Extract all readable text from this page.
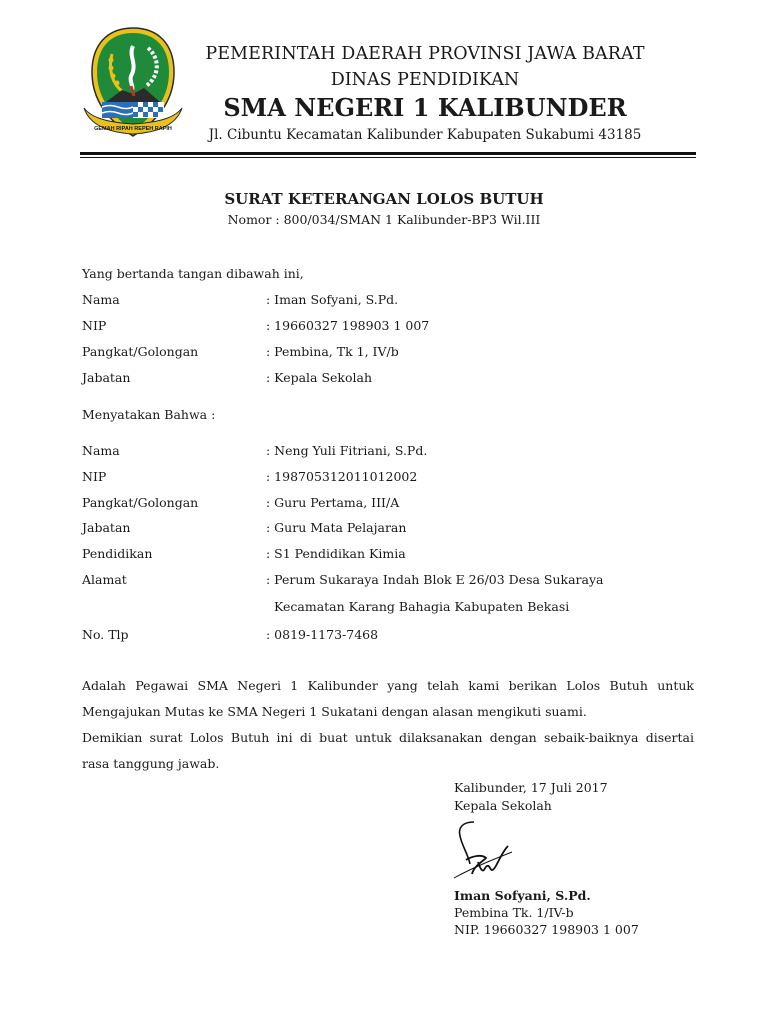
GEMAH RIPAH REPEH RAPIH
PEMERINTAH DAERAH PROVINSI JAWA BARAT
DINAS PENDIDIKAN
SMA NEGERI 1 KALIBUNDER
Jl. Cibuntu Kecamatan Kalibunder Kabupaten Sukabumi 43185
SURAT KETERANGAN LOLOS BUTUH
Nomor : 800/034/SMAN 1 Kalibunder-BP3 Wil.III
Yang bertanda tangan dibawah ini,
Nama	: Iman Sofyani, S.Pd.
NIP	: 19660327 198903 1 007
Pangkat/Golongan	: Pembina, Tk 1, IV/b
Jabatan	: Kepala Sekolah
Menyatakan Bahwa :
Nama	: Neng Yuli Fitriani, S.Pd.
NIP	: 198705312011012002
Pangkat/Golongan	: Guru Pertama, III/A
Jabatan	: Guru Mata Pelajaran
Pendidikan	: S1 Pendidikan Kimia
Alamat	: Perum Sukaraya Indah Blok E 26/03 Desa Sukaraya
Kecamatan Karang Bahagia Kabupaten Bekasi
No. Tlp	: 0819-1173-7468
Adalah Pegawai SMA Negeri 1 Kalibunder yang telah kami berikan Lolos Butuh untuk
Mengajukan Mutas ke SMA Negeri 1 Sukatani dengan alasan mengikuti suami.
Demikian surat Lolos Butuh ini di buat untuk dilaksanakan dengan sebaik-baiknya disertai
rasa tanggung jawab.
Kalibunder, 17 Juli 2017
Kepala Sekolah
Iman Sofyani, S.Pd.
Pembina Tk. 1/IV-b
NIP. 19660327 198903 1 007
